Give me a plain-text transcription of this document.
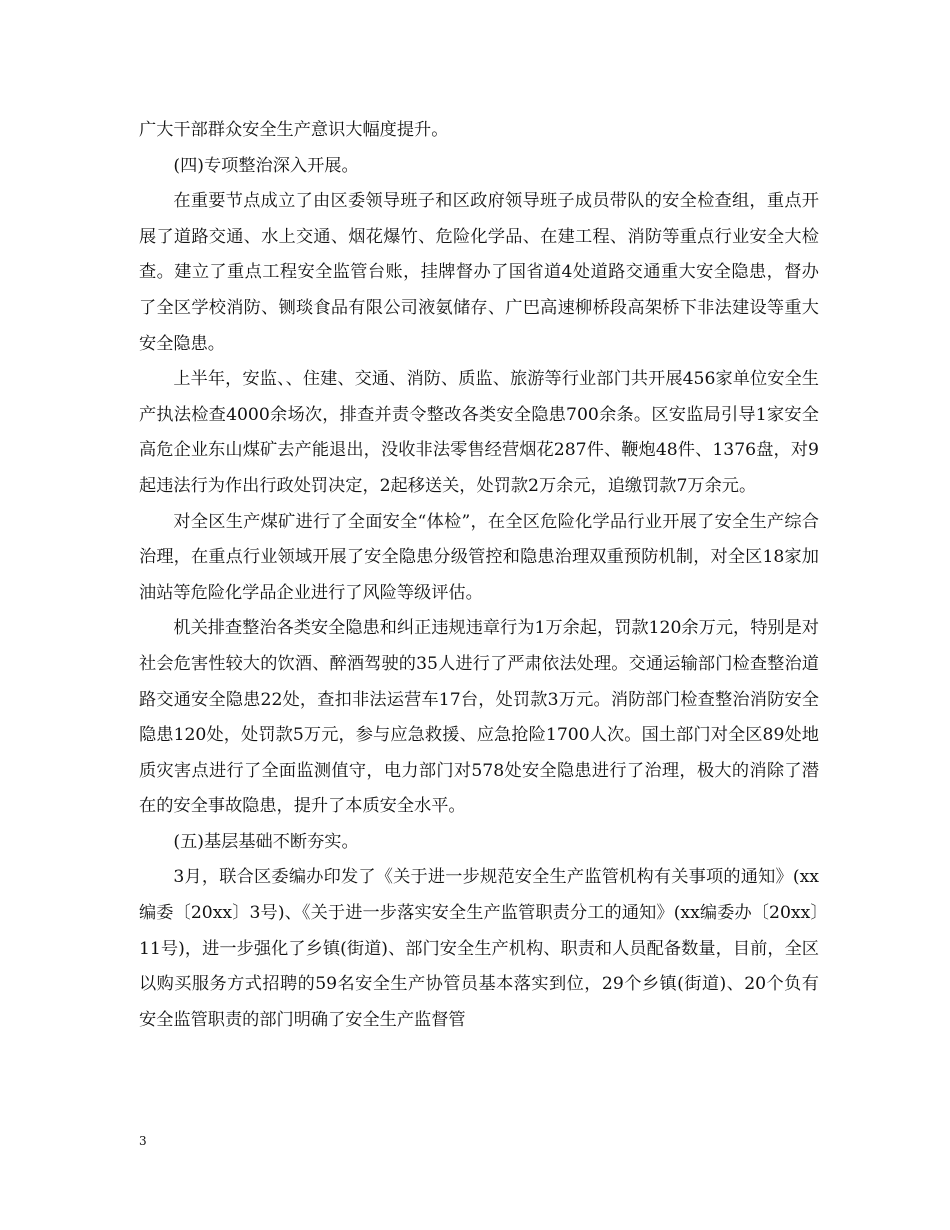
广大干部群众安全生产意识大幅度提升。

(四)专项整治深入开展。

在重要节点成立了由区委领导班子和区政府领导班子成员带队的安全检查组，重点开展了道路交通、水上交通、烟花爆竹、危险化学品、在建工程、消防等重点行业安全大检查。建立了重点工程安全监管台账，挂牌督办了国省道4处道路交通重大安全隐患，督办了全区学校消防、铡琰食品有限公司液氨储存、广巴高速柳桥段高架桥下非法建设等重大安全隐患。

上半年，安监、、住建、交通、消防、质监、旅游等行业部门共开展456家单位安全生产执法检查4000余场次，排查并责令整改各类安全隐患700余条。区安监局引导1家安全高危企业东山煤矿去产能退出，没收非法零售经营烟花287件、鞭炮48件、1376盘，对9起违法行为作出行政处罚决定，2起移送关，处罚款2万余元，追缴罚款7万余元。

对全区生产煤矿进行了全面安全“体检”，在全区危险化学品行业开展了安全生产综合治理，在重点行业领域开展了安全隐患分级管控和隐患治理双重预防机制，对全区18家加油站等危险化学品企业进行了风险等级评估。

机关排查整治各类安全隐患和纠正违规违章行为1万余起，罚款120余万元，特别是对社会危害性较大的饮酒、醉酒驾驶的35人进行了严肃依法处理。交通运输部门检查整治道路交通安全隐患22处，查扣非法运营车17台，处罚款3万元。消防部门检查整治消防安全隐患120处，处罚款5万元，参与应急救援、应急抢险1700人次。国土部门对全区89处地质灾害点进行了全面监测值守，电力部门对578处安全隐患进行了治理，极大的消除了潜在的安全事故隐患，提升了本质安全水平。

(五)基层基础不断夯实。

3月，联合区委编办印发了《关于进一步规范安全生产监管机构有关事项的通知》(xx编委〔20xx〕3号)、《关于进一步落实安全生产监管职责分工的通知》(xx编委办〔20xx〕11号)，进一步强化了乡镇(街道)、部门安全生产机构、职责和人员配备数量，目前，全区以购买服务方式招聘的59名安全生产协管员基本落实到位，29个乡镇(街道)、20个负有安全监管职责的部门明确了安全生产监督管

3
